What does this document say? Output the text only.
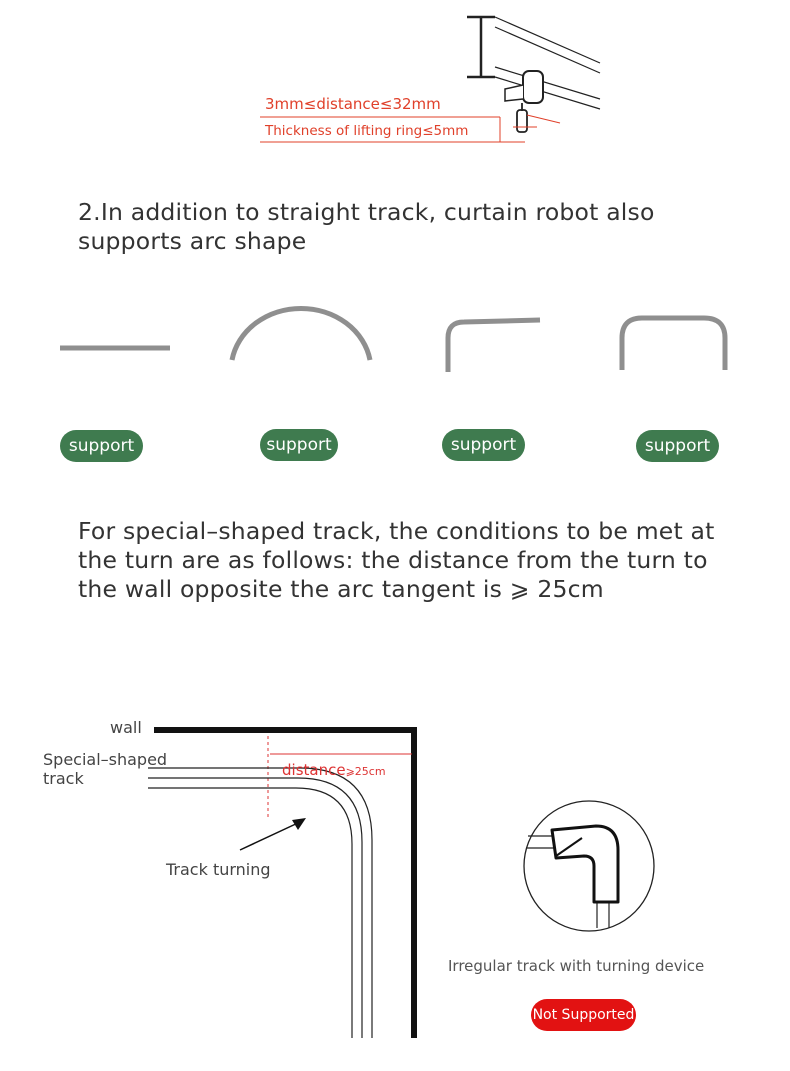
3mm≤distance≤32mm
Thickness of lifting ring≤5mm
2.In addition to straight track, curtain robot also
supports arc shape
support	support	support	support
For special–shaped track, the conditions to be met at
the turn are as follows: the distance from the turn to
the wall opposite the arc tangent is ⩾ 25cm
wall
Special–shaped
track	distance⩾25cm
Track turning
Irregular track with turning device
Not Supported
